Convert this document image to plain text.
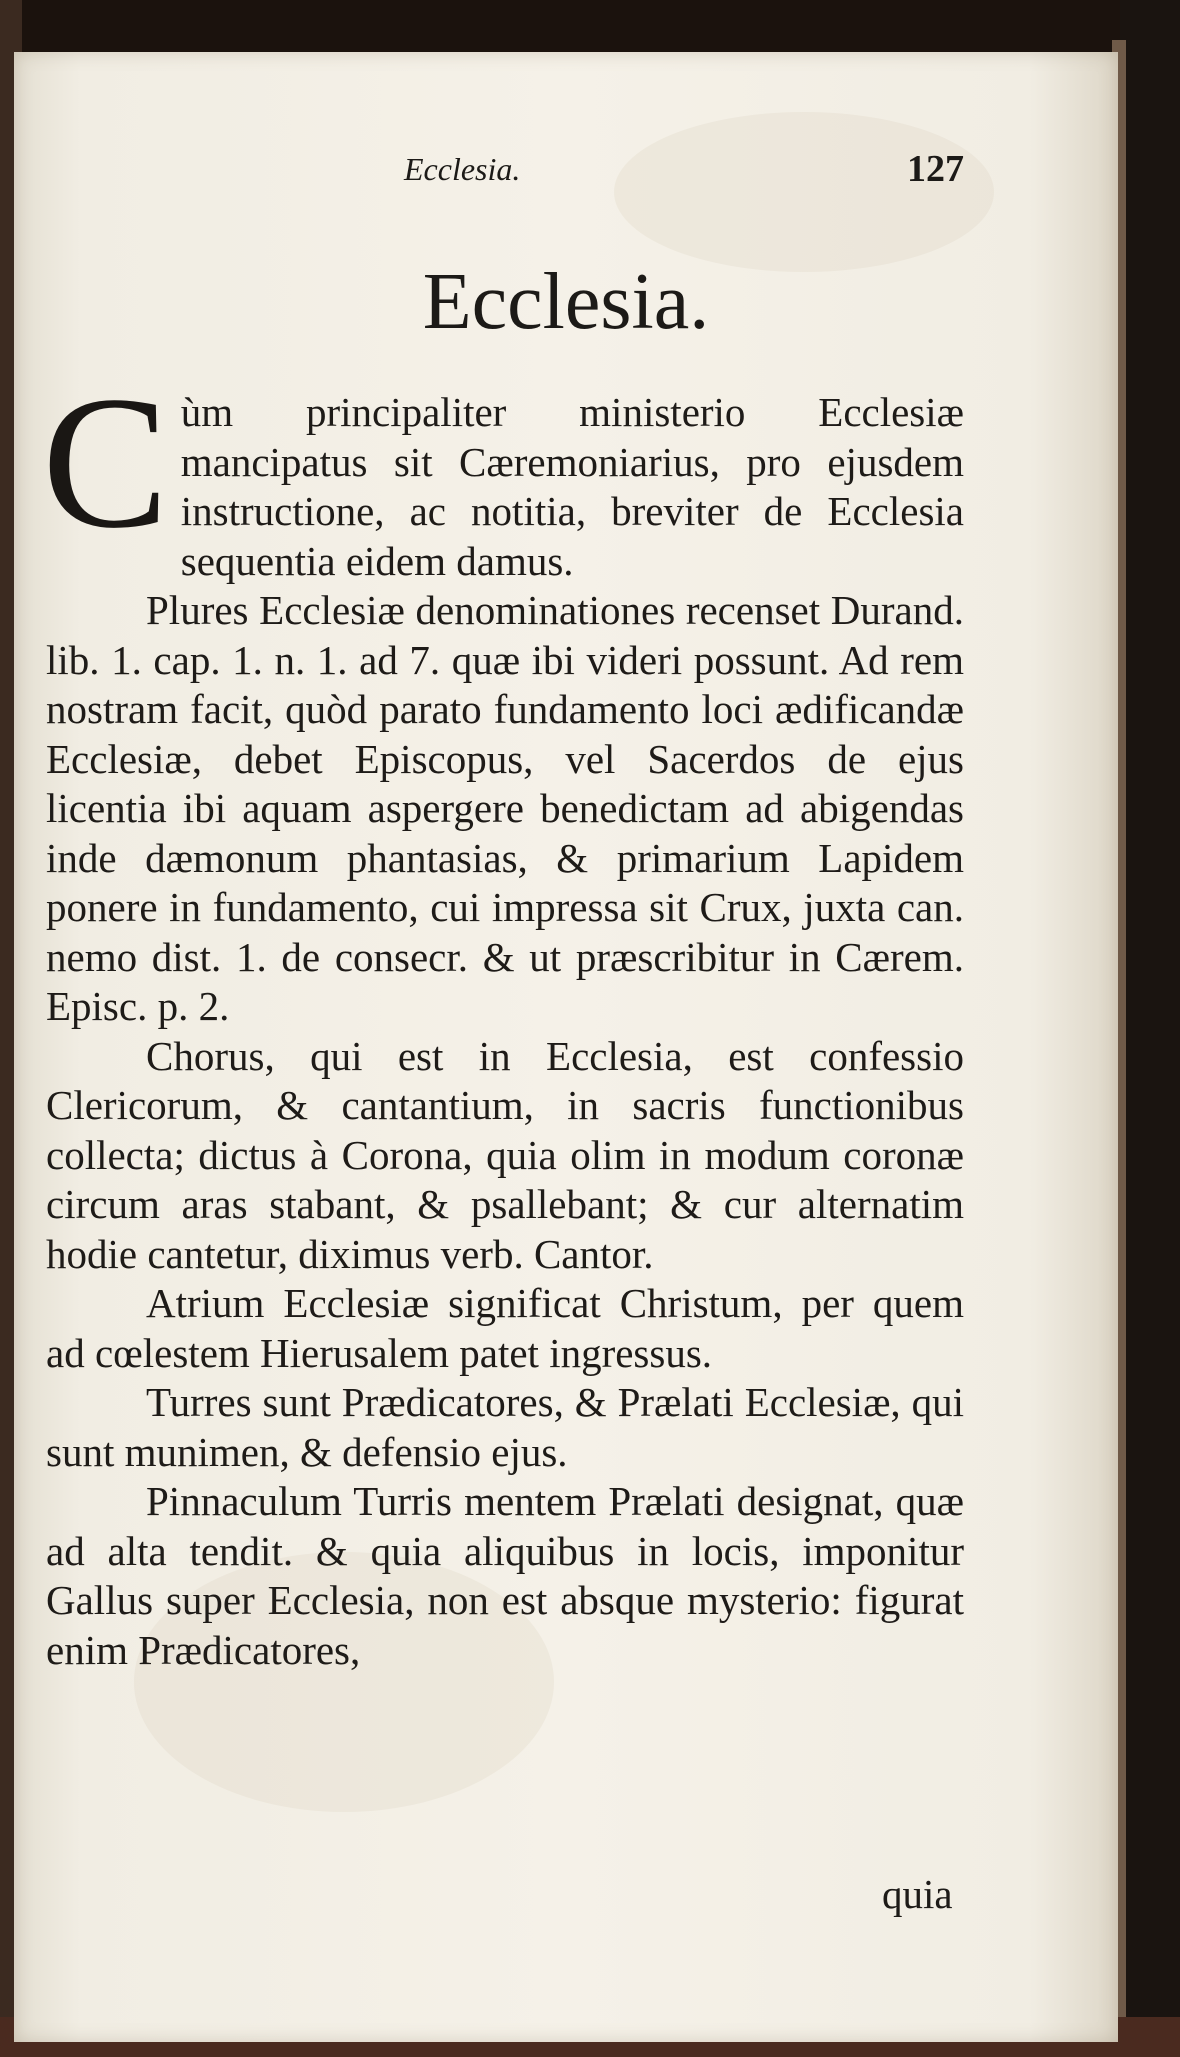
Ecclesia.	127
Ecclesia.

Cùm principaliter ministerio Ecclesiæ mancipatus sit Cæremoniarius, pro ejusdem instructione, ac notitia, breviter de Ecclesia sequentia eidem damus.

Plures Ecclesiæ denominationes recenset Durand. lib. 1. cap. 1. n. 1. ad 7. quæ ibi videri possunt. Ad rem nostram facit, quòd parato fundamento loci ædificandæ Ecclesiæ, debet Episcopus, vel Sacerdos de ejus licentia ibi aquam aspergere benedictam ad abigendas inde dæmonum phantasias, & primarium Lapidem ponere in fundamento, cui impressa sit Crux, juxta can. nemo dist. 1. de consecr. & ut præscribitur in Cærem. Episc. p. 2.

Chorus, qui est in Ecclesia, est confessio Clericorum, & cantantium, in sacris functionibus collecta; dictus à Corona, quia olim in modum coronæ circum aras stabant, & psallebant; & cur alternatim hodie cantetur, diximus verb. Cantor.

Atrium Ecclesiæ significat Christum, per quem ad cœlestem Hierusalem patet ingressus.

Turres sunt Prædicatores, & Prælati Ecclesiæ, qui sunt munimen, & defensio ejus.

Pinnaculum Turris mentem Prælati designat, quæ ad alta tendit. & quia aliquibus in locis, imponitur Gallus super Ecclesia, non est absque mysterio: figurat enim Prædicatores,

quia
